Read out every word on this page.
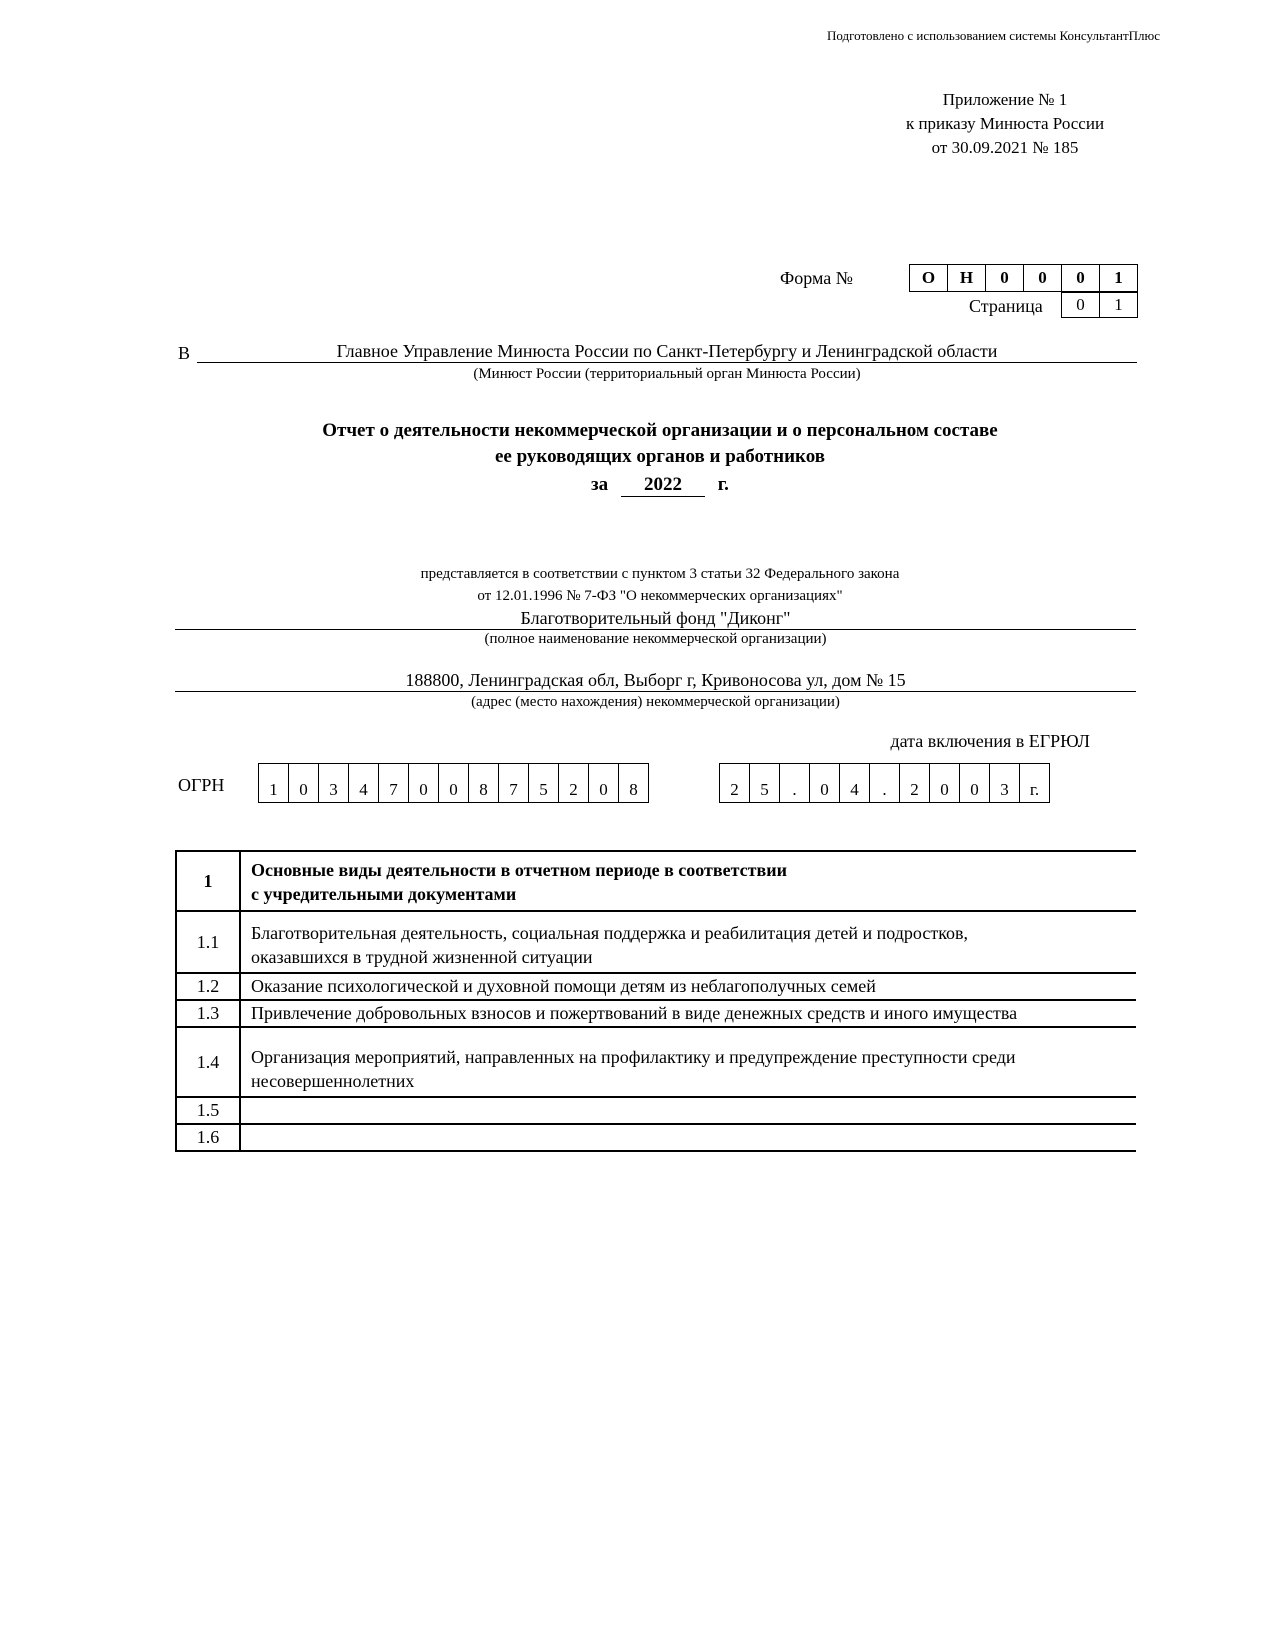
Подготовлено с использованием системы КонсультантПлюс
Приложение № 1
к приказу Минюста России
от 30.09.2021 № 185
Форма №	О	Н	0	0	0	1
Страница	0	1
В	Главное Управление Минюста России по Санкт-Петербургу и Ленинградской области
(Минюст России (территориальный орган Минюста России)
Отчет о деятельности некоммерческой организации и о персональном составе
ее руководящих органов и работников
за 2022 г.
представляется в соответствии с пунктом 3 статьи 32 Федерального закона
от 12.01.1996 № 7-ФЗ "О некоммерческих организациях"
Благотворительный фонд "Диконг"
(полное наименование некоммерческой организации)
188800, Ленинградская обл, Выборг г, Кривоносова ул, дом № 15
(адрес (место нахождения) некоммерческой организации)
ОГРН	1	0	3	4	7	0	0	8	7	5	2	0	8
дата включения в ЕГРЮЛ
2	5	.	0	4	.	2	0	0	3	г.
1	Основные виды деятельности в отчетном периоде в соответствии
с учредительными документами

1.1	Благотворительная деятельность, социальная поддержка и реабилитация детей и подростков,
оказавшихся в трудной жизненной ситуации

1.2	Оказание психологической и духовной помощи детям из неблагополучных семей

1.3	Привлечение добровольных взносов и пожертвований в виде денежных средств и иного имущества

1.4	Организация мероприятий, направленных на профилактику и предупреждение преступности среди
несовершеннолетних

1.5	
1.6	
